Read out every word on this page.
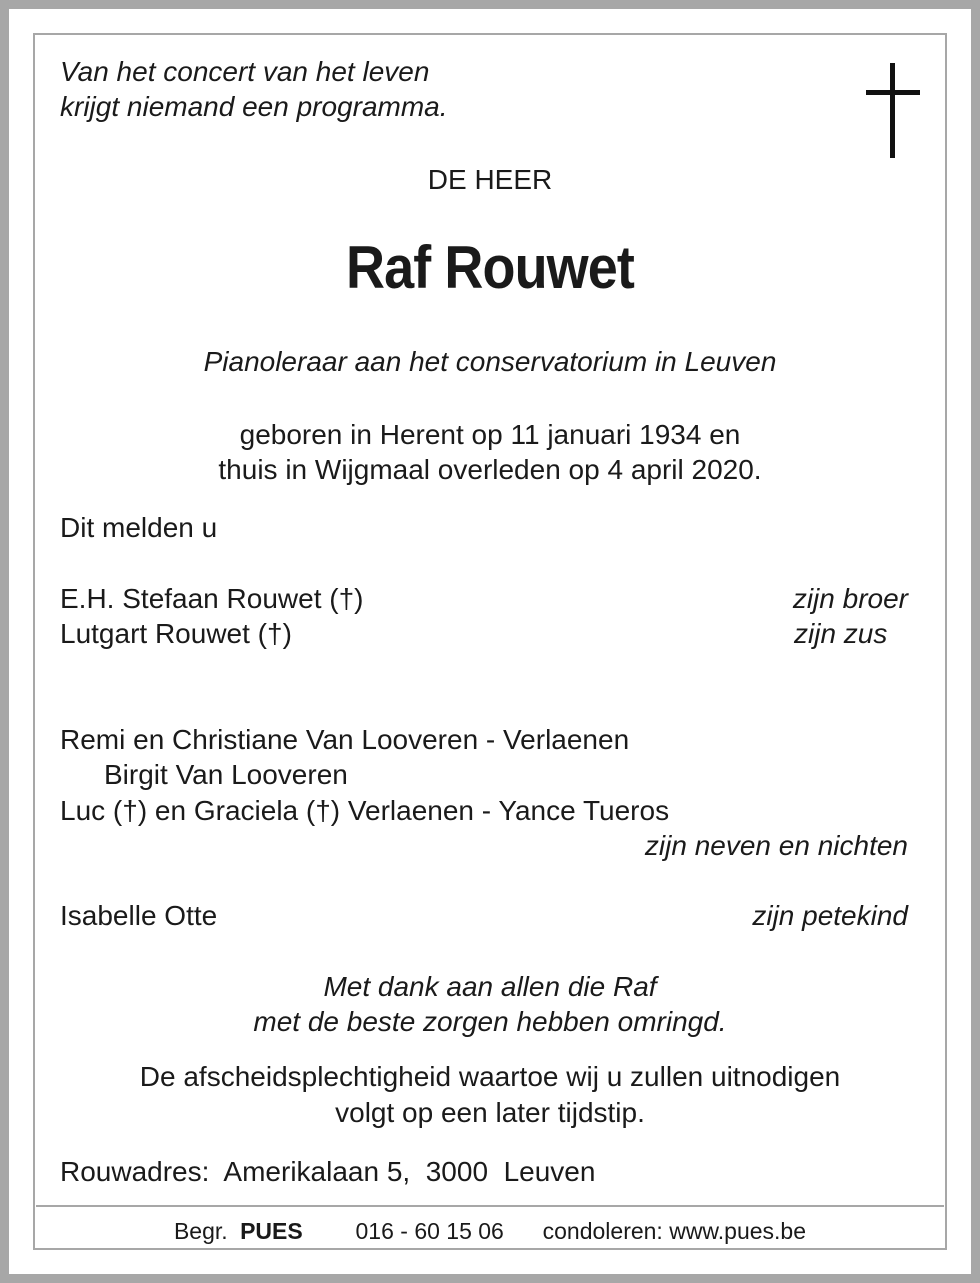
Van het concert van het leven
krijgt niemand een programma.
DE HEER
Raf Rouwet
Pianoleraar aan het conservatorium in Leuven
geboren in Herent op 11 januari 1934 en
thuis in Wijgmaal overleden op 4 april 2020.
Dit melden u
E.H. Stefaan Rouwet (†)	zijn broer
Lutgart Rouwet (†)	zijn zus
Remi en Christiane Van Looveren - Verlaenen
Birgit Van Looveren
Luc (†) en Graciela (†) Verlaenen - Yance Tueros
zijn neven en nichten
Isabelle Otte	zijn petekind
Met dank aan allen die Raf
met de beste zorgen hebben omringd.
De afscheidsplechtigheid waartoe wij u zullen uitnodigen
volgt op een later tijdstip.
Rouwadres:  Amerikalaan 5,  3000  Leuven
Begr. PUES 016 - 60 15 06 condoleren: www.pues.be
